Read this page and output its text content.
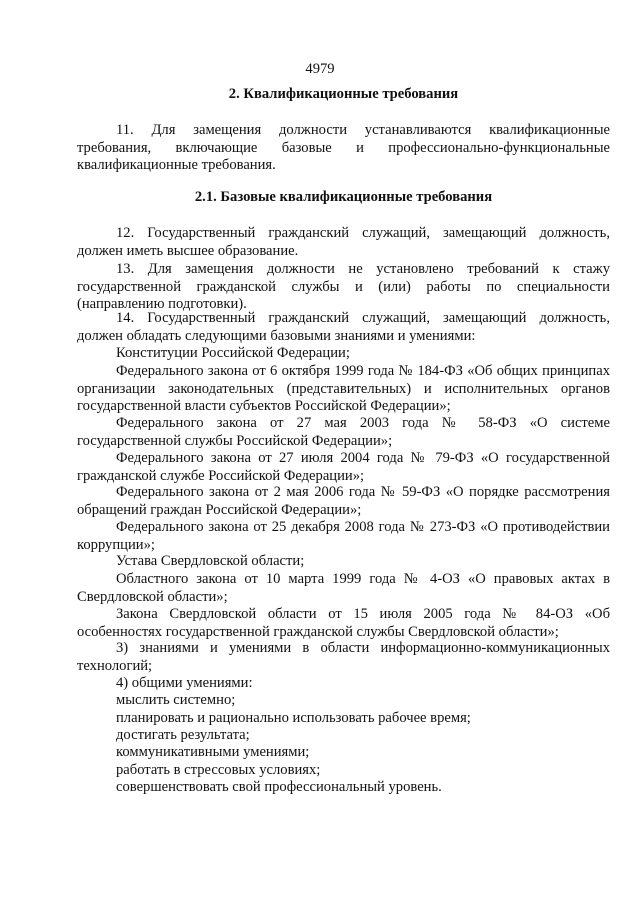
4979
2. Квалификационные требования
11. Для замещения должности устанавливаются квалификационные требования, включающие базовые и профессионально-функциональные квалификационные требования.
2.1. Базовые квалификационные требования
12. Государственный гражданский служащий, замещающий должность, должен иметь высшее образование.
13. Для замещения должности не установлено требований к стажу государственной гражданской службы и (или) работы по специальности (направлению подготовки).
14. Государственный гражданский служащий, замещающий должность, должен обладать следующими базовыми знаниями и умениями:
Конституции Российской Федерации;
Федерального закона от 6 октября 1999 года № 184-ФЗ «Об общих принципах организации законодательных (представительных) и исполнительных органов государственной власти субъектов Российской Федерации»;
Федерального закона от 27 мая 2003 года № 58-ФЗ «О системе государственной службы Российской Федерации»;
Федерального закона от 27 июля 2004 года № 79-ФЗ «О государственной гражданской службе Российской Федерации»;
Федерального закона от 2 мая 2006 года № 59-ФЗ «О порядке рассмотрения обращений граждан Российской Федерации»;
Федерального закона от 25 декабря 2008 года № 273-ФЗ «О противодействии коррупции»;
Устава Свердловской области;
Областного закона от 10 марта 1999 года № 4-ОЗ «О правовых актах в Свердловской области»;
Закона Свердловской области от 15 июля 2005 года № 84-ОЗ «Об особенностях государственной гражданской службы Свердловской области»;
3) знаниями и умениями в области информационно-коммуникационных технологий;
4) общими умениями:
мыслить системно;
планировать и рационально использовать рабочее время;
достигать результата;
коммуникативными умениями;
работать в стрессовых условиях;
совершенствовать свой профессиональный уровень.
